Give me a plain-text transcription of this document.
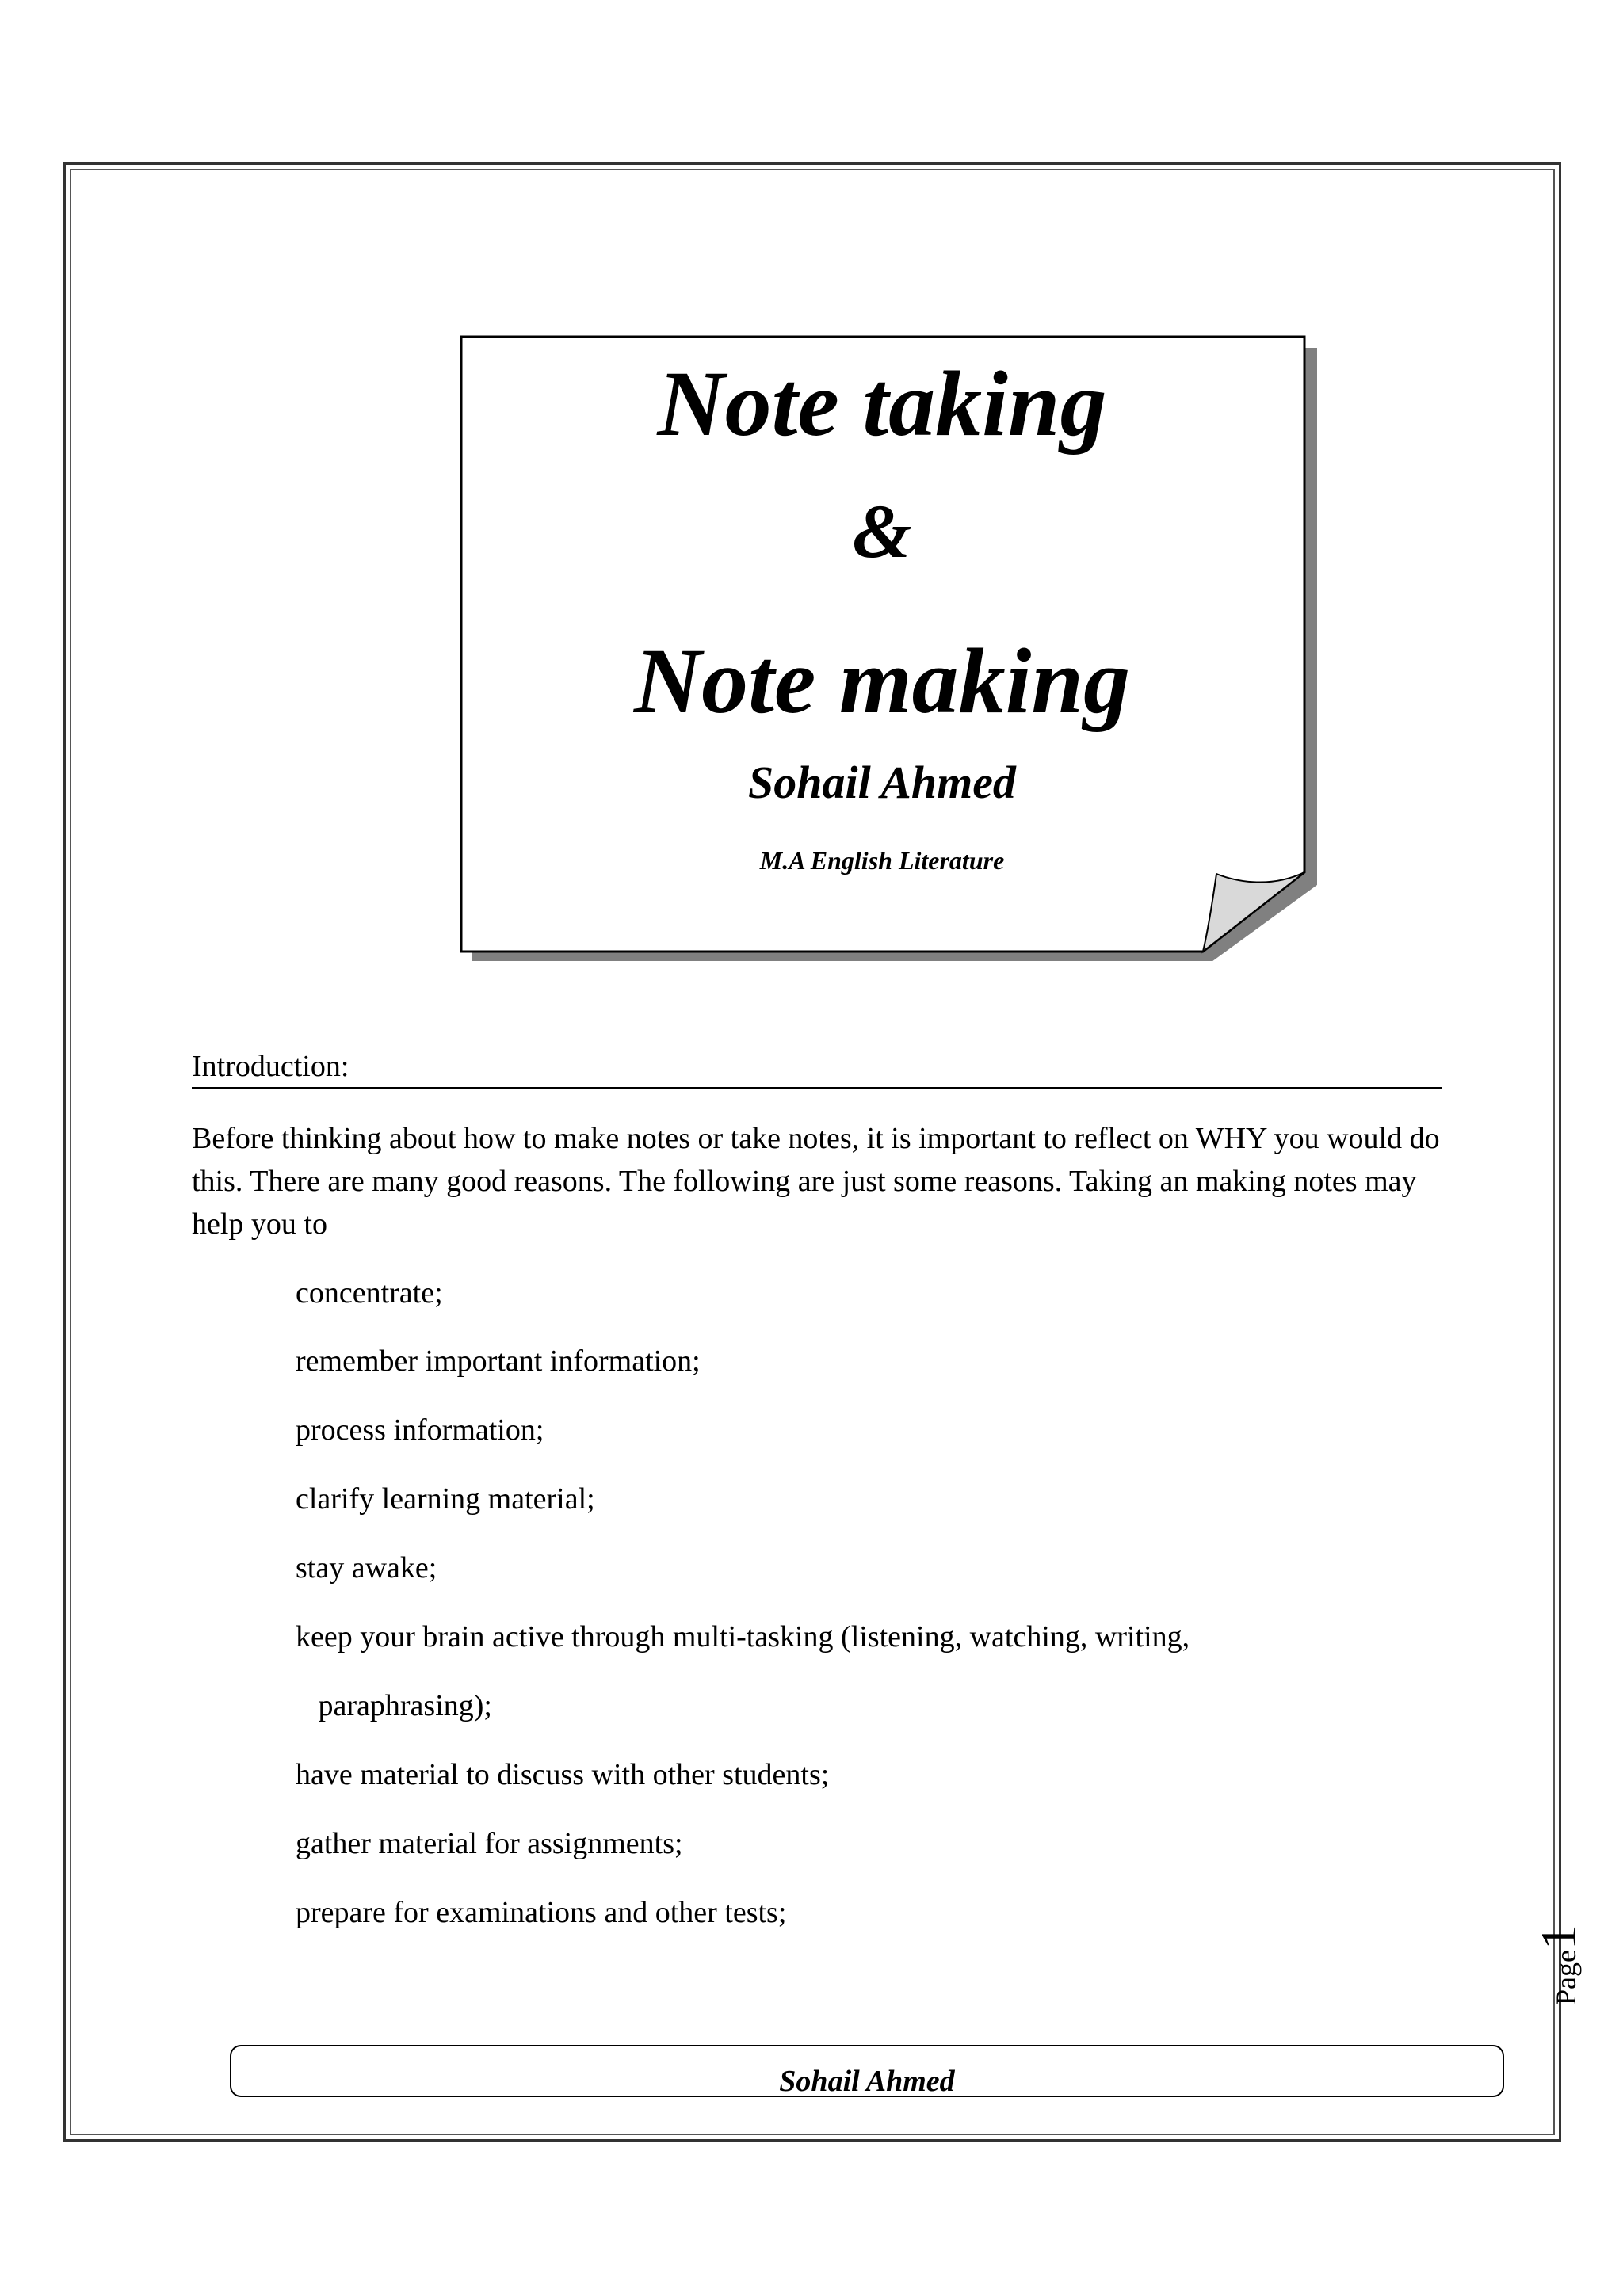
Note taking
&
Note making
Sohail Ahmed
M.A English Literature
Introduction:
Before thinking about how to make notes or take notes, it is important to reflect on WHY you would do this. There are many good reasons. The following are just some reasons. Taking an making notes may help you to
concentrate;
remember important information;
process information;
clarify learning material;
stay awake;
keep your brain active through multi-tasking (listening, watching, writing,
paraphrasing);
have material to discuss with other students;
gather material for assignments;
prepare for examinations and other tests;
Page1
Sohail Ahmed
